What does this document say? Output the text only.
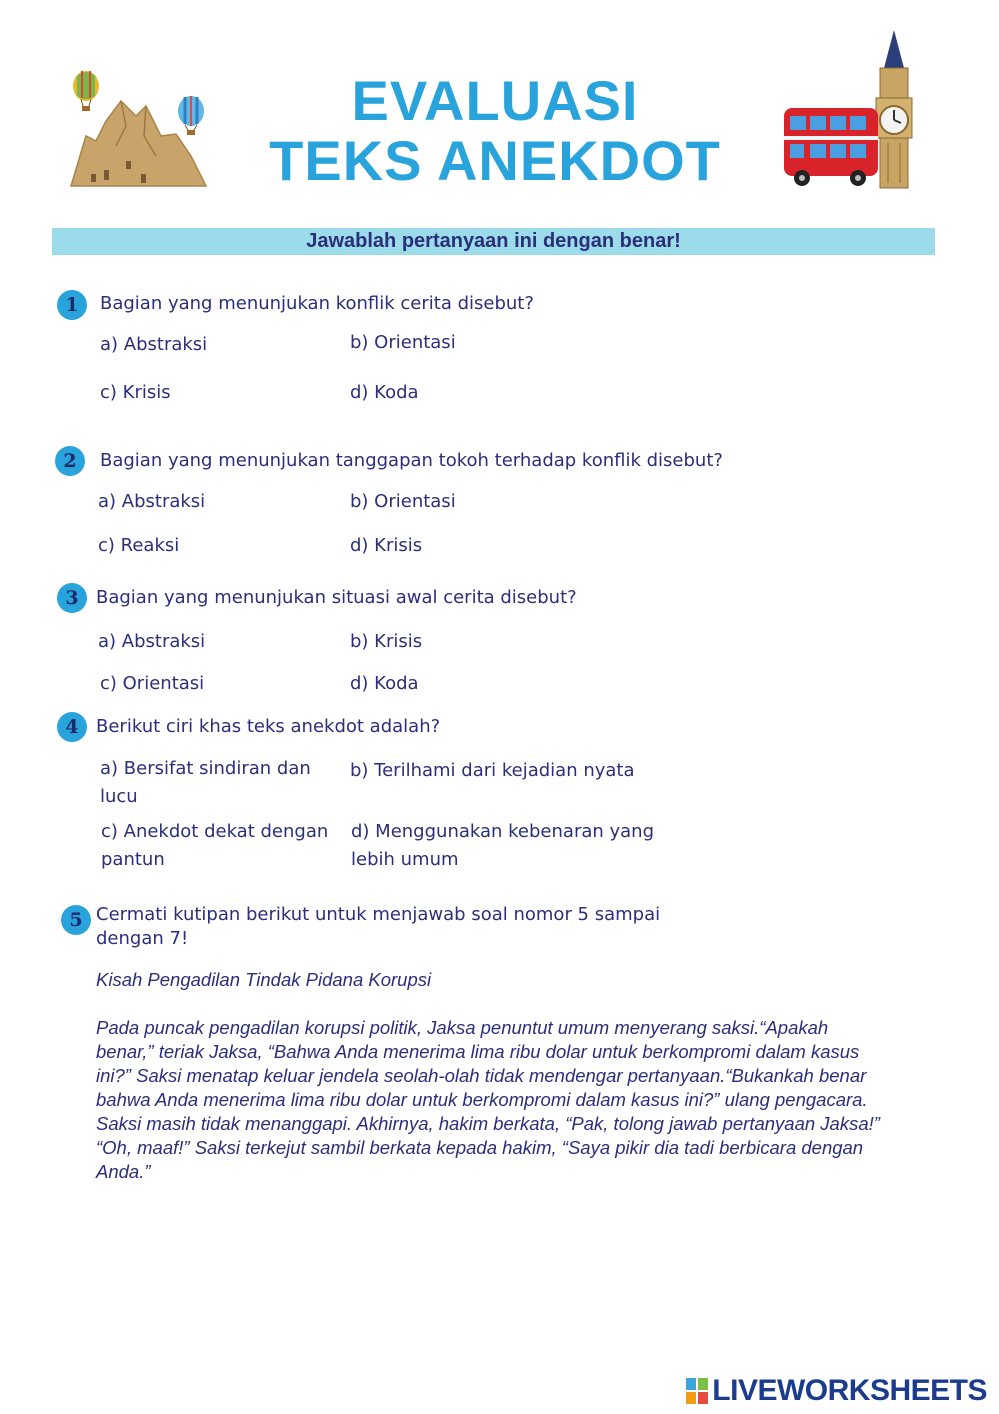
EVALUASI
TEKS ANEKDOT
Jawablah pertanyaan ini dengan benar!
1	Bagian yang menunjukan konflik cerita disebut?
a) Abstraksi	b) Orientasi
c) Krisis	d) Koda
2	Bagian yang menunjukan tanggapan tokoh terhadap konflik disebut?
a) Abstraksi	b) Orientasi
c) Reaksi	d) Krisis
3 Bagian yang menunjukan situasi awal cerita disebut?
a) Abstraksi	b) Krisis
c) Orientasi	d) Koda
4 Berikut ciri khas teks anekdot adalah?
a) Bersifat sindiran dan lucu
b) Terilhami dari kejadian nyata
c) Anekdot dekat dengan pantun
d) Menggunakan kebenaran yang lebih umum
5 Cermati kutipan berikut untuk menjawab soal nomor 5 sampai
dengan 7!
Kisah Pengadilan Tindak Pidana Korupsi

Pada puncak pengadilan korupsi politik, Jaksa penuntut umum menyerang saksi.“Apakah benar,” teriak Jaksa, “Bahwa Anda menerima lima ribu dolar untuk berkompromi dalam kasus ini?” Saksi menatap keluar jendela seolah-olah tidak mendengar pertanyaan.“Bukankah benar bahwa Anda menerima lima ribu dolar untuk berkompromi dalam kasus ini?” ulang pengacara.

Saksi masih tidak menanggapi. Akhirnya, hakim berkata, “Pak, tolong jawab pertanyaan Jaksa!”

“Oh, maaf!” Saksi terkejut sambil berkata kepada hakim, “Saya pikir dia tadi berbicara dengan Anda.”

LIVEWORKSHEETS
